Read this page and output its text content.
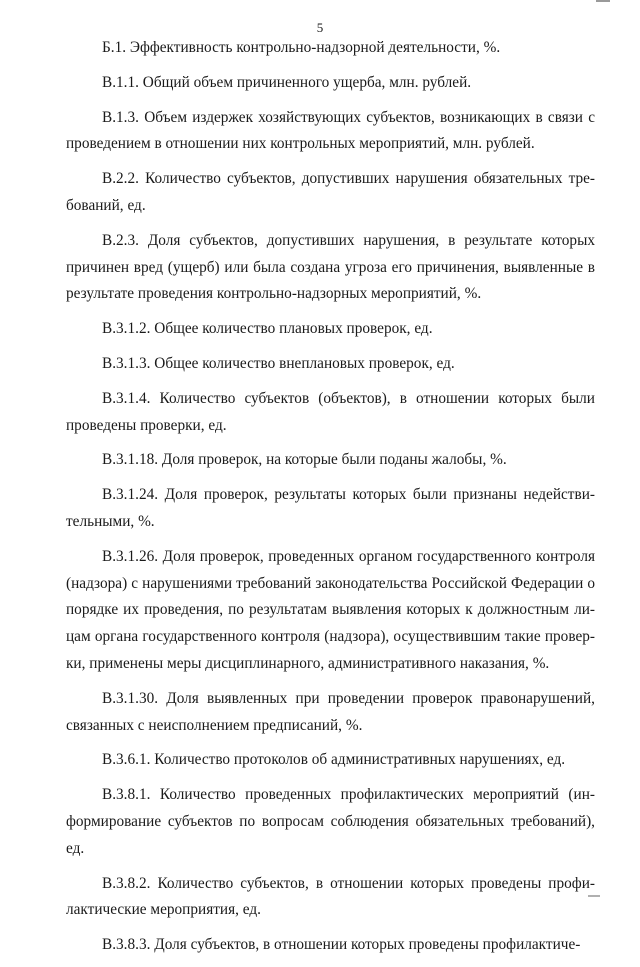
5
Б.1. Эффективность контрольно-надзорной деятельности, %.
В.1.1. Общий объем причиненного ущерба, млн. рублей.
В.1.3. Объем издержек хозяйствующих субъектов, возникающих в связи с
проведением в отношении них контрольных мероприятий, млн. рублей.
В.2.2. Количество субъектов, допустивших нарушения обязательных тре-
бований, ед.
В.2.3. Доля субъектов, допустивших нарушения, в результате которых
причинен вред (ущерб) или была создана угроза его причинения, выявленные в
результате проведения контрольно-надзорных мероприятий, %.
В.3.1.2. Общее количество плановых проверок, ед.
В.3.1.3. Общее количество внеплановых проверок, ед.
В.3.1.4. Количество субъектов (объектов), в отношении которых были
проведены проверки, ед.
В.3.1.18. Доля проверок, на которые были поданы жалобы, %.
В.3.1.24. Доля проверок, результаты которых были признаны недействи-
тельными, %.
В.3.1.26. Доля проверок, проведенных органом государственного контроля
(надзора) с нарушениями требований законодательства Российской Федерации о
порядке их проведения, по результатам выявления которых к должностным ли-
цам органа государственного контроля (надзора), осуществившим такие провер-
ки, применены меры дисциплинарного, административного наказания, %.
В.3.1.30. Доля выявленных при проведении проверок правонарушений,
связанных с неисполнением предписаний, %.
В.3.6.1. Количество протоколов об административных нарушениях, ед.
В.3.8.1. Количество проведенных профилактических мероприятий (ин-
формирование субъектов по вопросам соблюдения обязательных требований),
ед.
В.3.8.2. Количество субъектов, в отношении которых проведены профи-
лактические мероприятия, ед.
В.3.8.3. Доля субъектов, в отношении которых проведены профилактиче-
